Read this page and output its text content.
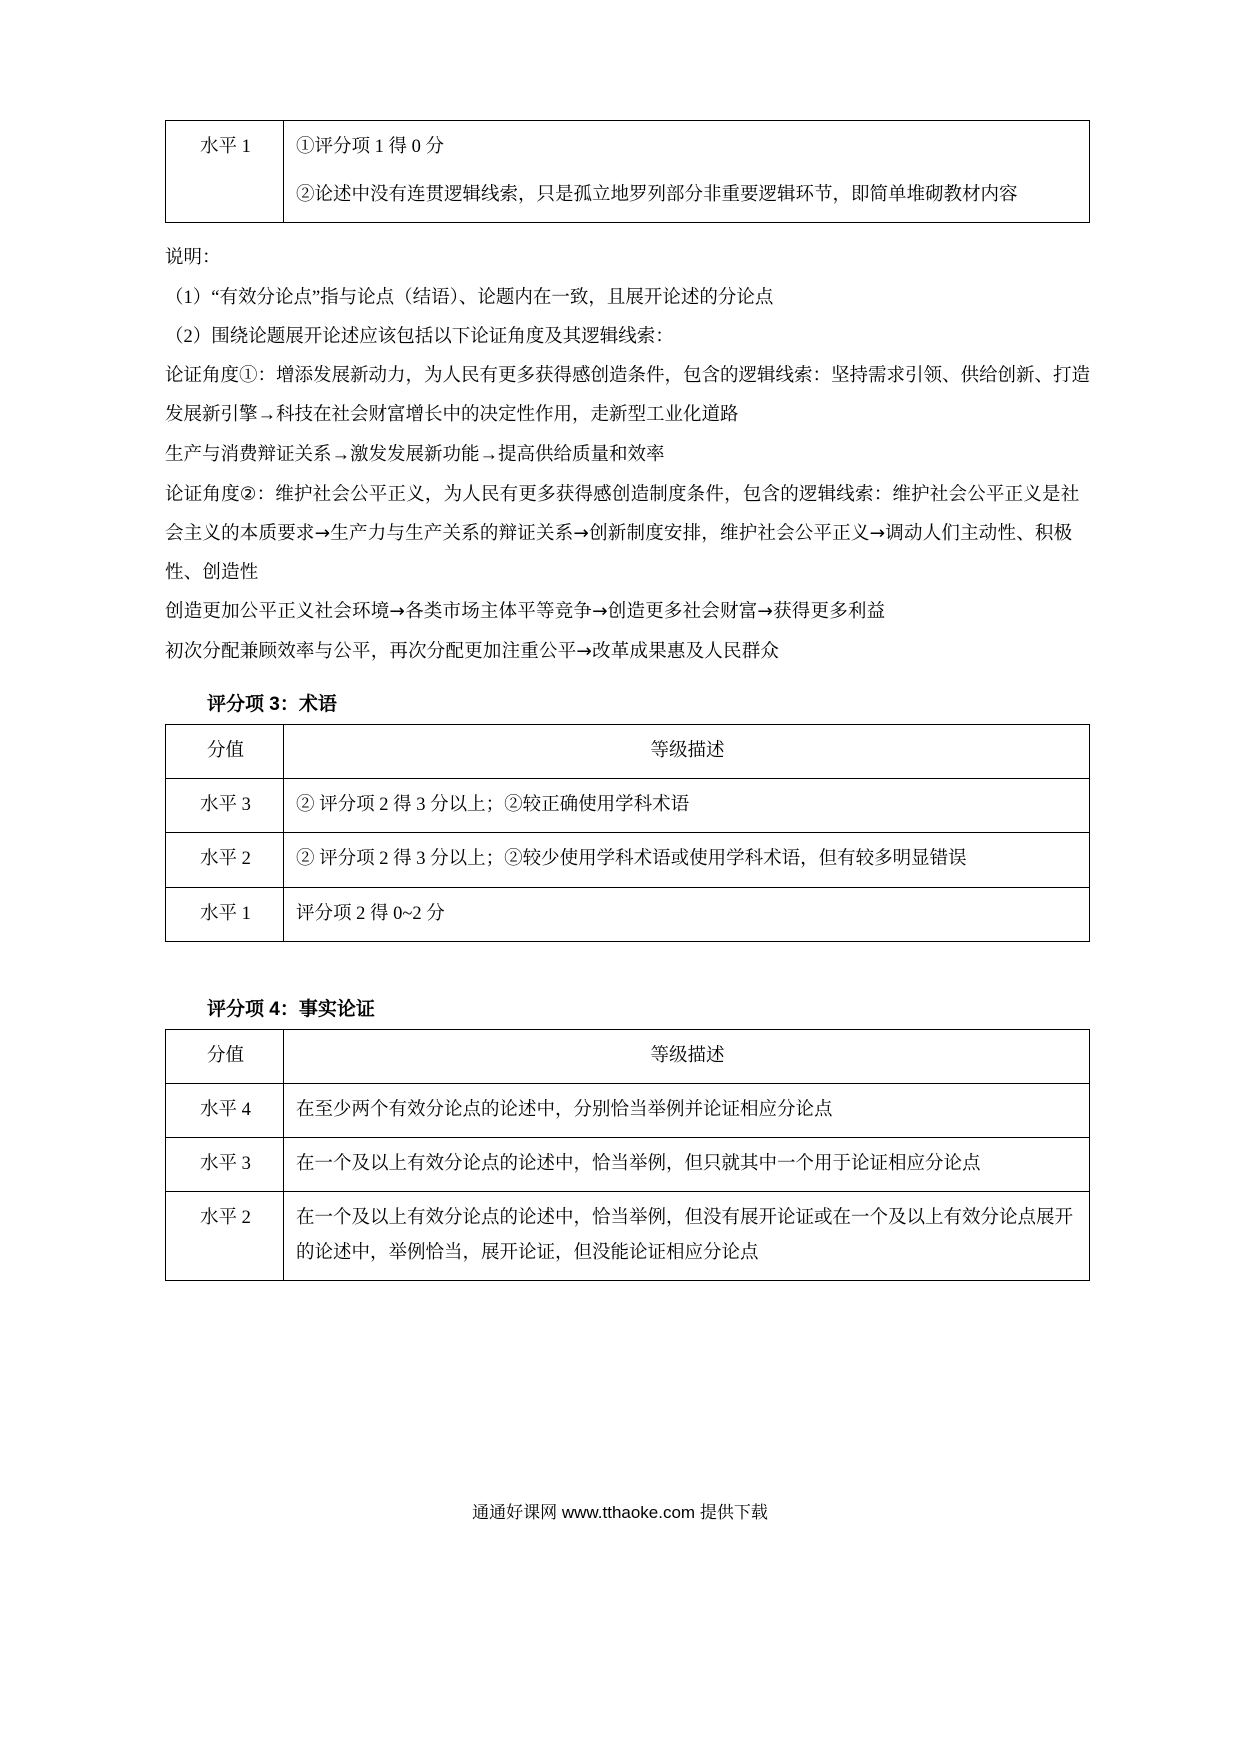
水平 1	①评分项 1 得 0 分

②论述中没有连贯逻辑线索，只是孤立地罗列部分非重要逻辑环节，即简单堆砌教材内容

说明：

（1）“有效分论点”指与论点（结语）、论题内在一致，且展开论述的分论点

（2）围绕论题展开论述应该包括以下论证角度及其逻辑线索：

论证角度①：增添发展新动力，为人民有更多获得感创造条件，包含的逻辑线索：坚持需求引领、供给创新、打造发展新引擎→科技在社会财富增长中的决定性作用，走新型工业化道路

生产与消费辩证关系→激发发展新功能→提高供给质量和效率

论证角度②：维护社会公平正义，为人民有更多获得感创造制度条件，包含的逻辑线索：维护社会公平正义是社会主义的本质要求→生产力与生产关系的辩证关系→创新制度安排，维护社会公平正义→调动人们主动性、积极性、创造性

创造更加公平正义社会环境→各类市场主体平等竞争→创造更多社会财富→获得更多利益

初次分配兼顾效率与公平，再次分配更加注重公平→改革成果惠及人民群众

评分项 3：术语
分值	等级描述
水平 3	② 评分项 2 得 3 分以上；②较正确使用学科术语
水平 2	② 评分项 2 得 3 分以上；②较少使用学科术语或使用学科术语，但有较多明显错误
水平 1	评分项 2 得 0~2 分
评分项 4：事实论证
分值	等级描述
水平 4	在至少两个有效分论点的论述中，分别恰当举例并论证相应分论点
水平 3	在一个及以上有效分论点的论述中，恰当举例，但只就其中一个用于论证相应分论点
水平 2	在一个及以上有效分论点的论述中，恰当举例，但没有展开论证或在一个及以上有效分论点展开的论述中，举例恰当，展开论证，但没能论证相应分论点
通通好课网 www.tthaoke.com 提供下载
